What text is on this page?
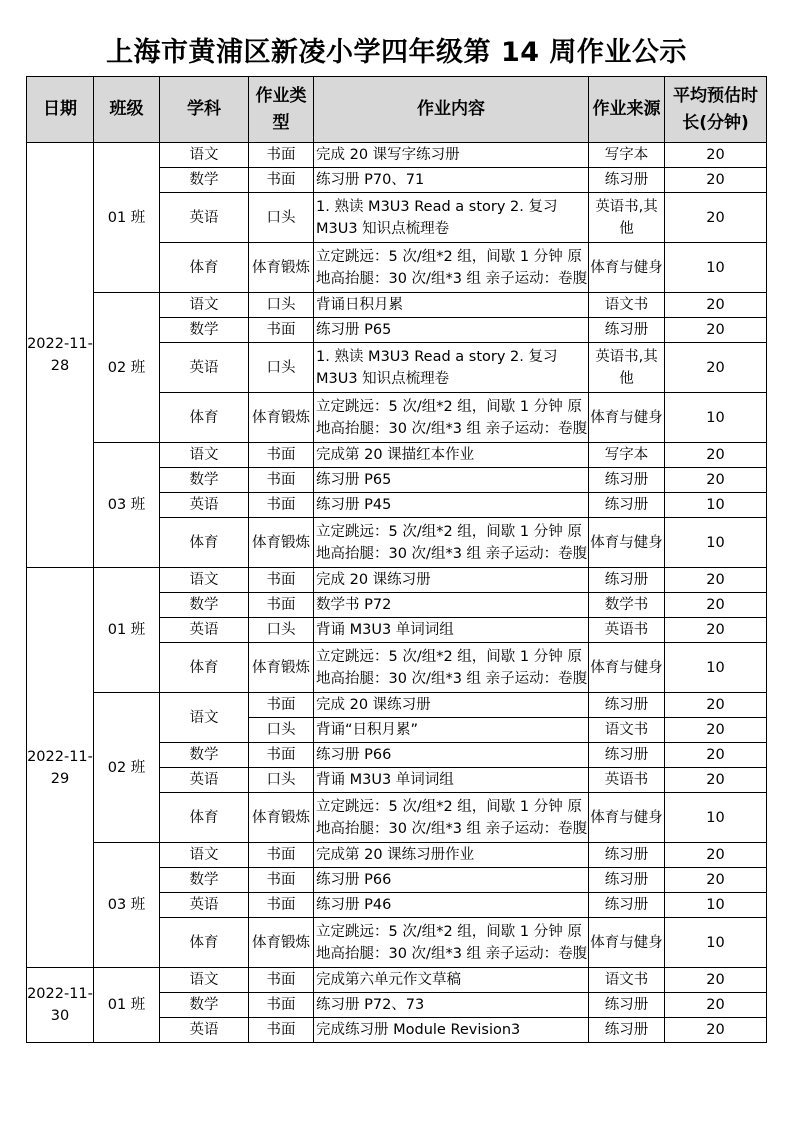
上海市黄浦区新凌小学四年级第 14 周作业公示
日期	班级	学科	作业类型	作业内容	作业来源	平均预估时长(分钟)
2022-11-28	01 班	语文	书面	完成 20 课写字练习册	写字本	20
		数学	书面	练习册 P70、71	练习册	20
		英语	口头	1. 熟读 M3U3 Read a story 2. 复习 M3U3 知识点梳理卷	英语书,其他	20
		体育	体育锻炼	立定跳远：5 次/组*2 组，间歇 1 分钟 原地高抬腿：30 次/组*3 组 亲子运动：卷腹	体育与健身	10
	02 班	语文	口头	背诵日积月累	语文书	20
		数学	书面	练习册 P65	练习册	20
		英语	口头	1. 熟读 M3U3 Read a story 2. 复习 M3U3 知识点梳理卷	英语书,其他	20
		体育	体育锻炼	立定跳远：5 次/组*2 组，间歇 1 分钟 原地高抬腿：30 次/组*3 组 亲子运动：卷腹	体育与健身	10
	03 班	语文	书面	完成第 20 课描红本作业	写字本	20
		数学	书面	练习册 P65	练习册	20
		英语	书面	练习册 P45	练习册	10
		体育	体育锻炼	立定跳远：5 次/组*2 组，间歇 1 分钟 原地高抬腿：30 次/组*3 组 亲子运动：卷腹	体育与健身	10
2022-11-29	01 班	语文	书面	完成 20 课练习册	练习册	20
		数学	书面	数学书 P72	数学书	20
		英语	口头	背诵 M3U3 单词词组	英语书	20
		体育	体育锻炼	立定跳远：5 次/组*2 组，间歇 1 分钟 原地高抬腿：30 次/组*3 组 亲子运动：卷腹	体育与健身	10
	02 班	语文	书面	完成 20 课练习册	练习册	20
			口头	背诵“日积月累”	语文书	20
		数学	书面	练习册 P66	练习册	20
		英语	口头	背诵 M3U3 单词词组	英语书	20
		体育	体育锻炼	立定跳远：5 次/组*2 组，间歇 1 分钟 原地高抬腿：30 次/组*3 组 亲子运动：卷腹	体育与健身	10
	03 班	语文	书面	完成第 20 课练习册作业	练习册	20
		数学	书面	练习册 P66	练习册	20
		英语	书面	练习册 P46	练习册	10
		体育	体育锻炼	立定跳远：5 次/组*2 组，间歇 1 分钟 原地高抬腿：30 次/组*3 组 亲子运动：卷腹	体育与健身	10
2022-11-30	01 班	语文	书面	完成第六单元作文草稿	语文书	20
		数学	书面	练习册 P72、73	练习册	20
		英语	书面	完成练习册 Module Revision3	练习册	20
